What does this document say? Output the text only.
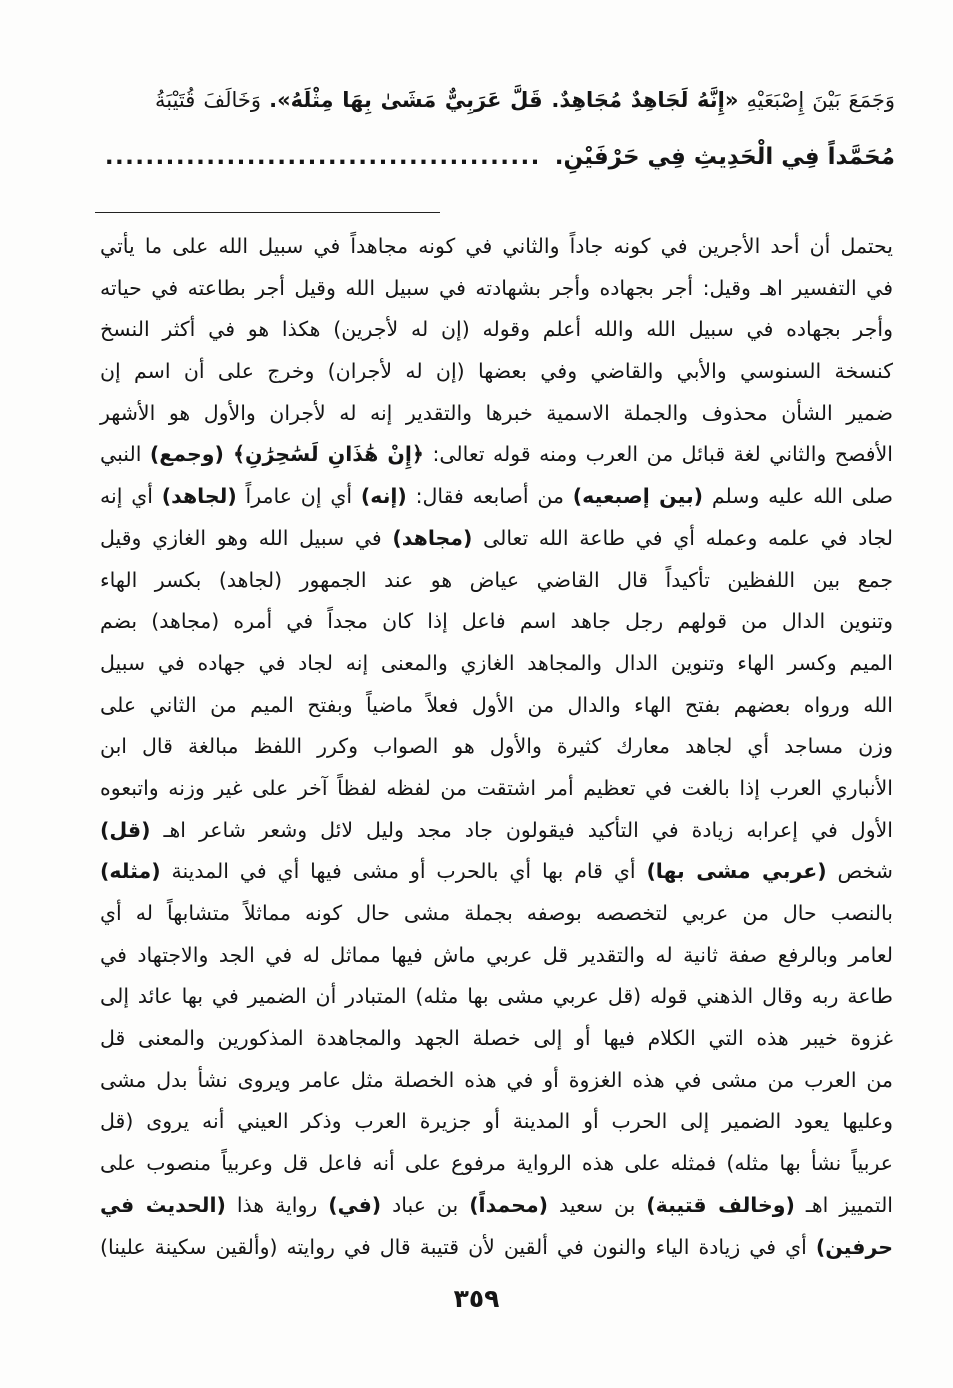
وَجَمَعَ بَيْنَ إِصْبَعَيْهِ «إِنَّهُ لَجَاهِدٌ مُجَاهِدٌ. قَلَّ عَرَبِيٌّ مَشَىٰ بِهَا مِثْلَهُ». وَخَالَفَ قُتَيْبَةُ
مُحَمَّداً فِي الْحَدِيثِ فِي حَرْفَيْنِ.
...........................................
يحتمل أن أحد الأجرين في كونه جاداً والثاني في كونه مجاهداً في سبيل الله على ما يأتي
في التفسير اهـ وقيل: أجر بجهاده وأجر بشهادته في سبيل الله وقيل أجر بطاعته في حياته
وأجر بجهاده في سبيل الله والله أعلم وقوله (إن له لأجرين) هكذا هو في أكثر النسخ
كنسخة السنوسي والأبي والقاضي وفي بعضها (إن له لأجران) وخرج على أن اسم إن
ضمير الشأن محذوف والجملة الاسمية خبرها والتقدير إنه له لأجران والأول هو الأشهر
الأفصح والثاني لغة قبائل من العرب ومنه قوله تعالى: ﴿إِنْ هَٰذَانِ لَسَٰحِرَٰنِ﴾ (وجمع) النبي
صلى الله عليه وسلم (بين إصبعيه) من أصابعه فقال: (إنه) أي إن عامراً (لجاهد) أي إنه
لجاد في علمه وعمله أي في طاعة الله تعالى (مجاهد) في سبيل الله وهو الغازي وقيل
جمع بين اللفظين تأكيداً قال القاضي عياض هو عند الجمهور (لجاهد) بكسر الهاء
وتنوين الدال من قولهم رجل جاهد اسم فاعل إذا كان مجداً في أمره (مجاهد) بضم
الميم وكسر الهاء وتنوين الدال والمجاهد الغازي والمعنى إنه لجاد في جهاده في سبيل
الله ورواه بعضهم بفتح الهاء والدال من الأول فعلاً ماضياً وبفتح الميم من الثاني على
وزن مساجد أي لجاهد معارك كثيرة والأول هو الصواب وكرر اللفظ مبالغة قال ابن
الأنباري العرب إذا بالغت في تعظيم أمر اشتقت من لفظه لفظاً آخر على غير وزنه واتبعوه
الأول في إعرابه زيادة في التأكيد فيقولون جاد مجد وليل لائل وشعر شاعر اهـ (قل)
شخص (عربي مشى بها) أي قام بها أي بالحرب أو مشى فيها أي في المدينة (مثله)
بالنصب حال من عربي لتخصصه بوصفه بجملة مشى حال كونه مماثلاً متشابهاً له أي
لعامر وبالرفع صفة ثانية له والتقدير قل عربي ماش فيها مماثل له في الجد والاجتهاد في
طاعة ربه وقال الذهني قوله (قل عربي مشى بها مثله) المتبادر أن الضمير في بها عائد إلى
غزوة خيبر هذه التي الكلام فيها أو إلى خصلة الجهد والمجاهدة المذكورين والمعنى قل
من العرب من مشى في هذه الغزوة أو في هذه الخصلة مثل عامر ويروى نشأ بدل مشى
وعليها يعود الضمير إلى الحرب أو المدينة أو جزيرة العرب وذكر العيني أنه يروى (قل
عربياً نشأ بها مثله) فمثله على هذه الرواية مرفوع على أنه فاعل قل وعربياً منصوب على
التمييز اهـ (وخالف قتيبة) بن سعيد (محمداً) بن عباد (في) رواية هذا (الحديث في
حرفين) أي في زيادة الياء والنون في ألقين لأن قتيبة قال في روايته (وألقين سكينة علينا)
٣٥٩
